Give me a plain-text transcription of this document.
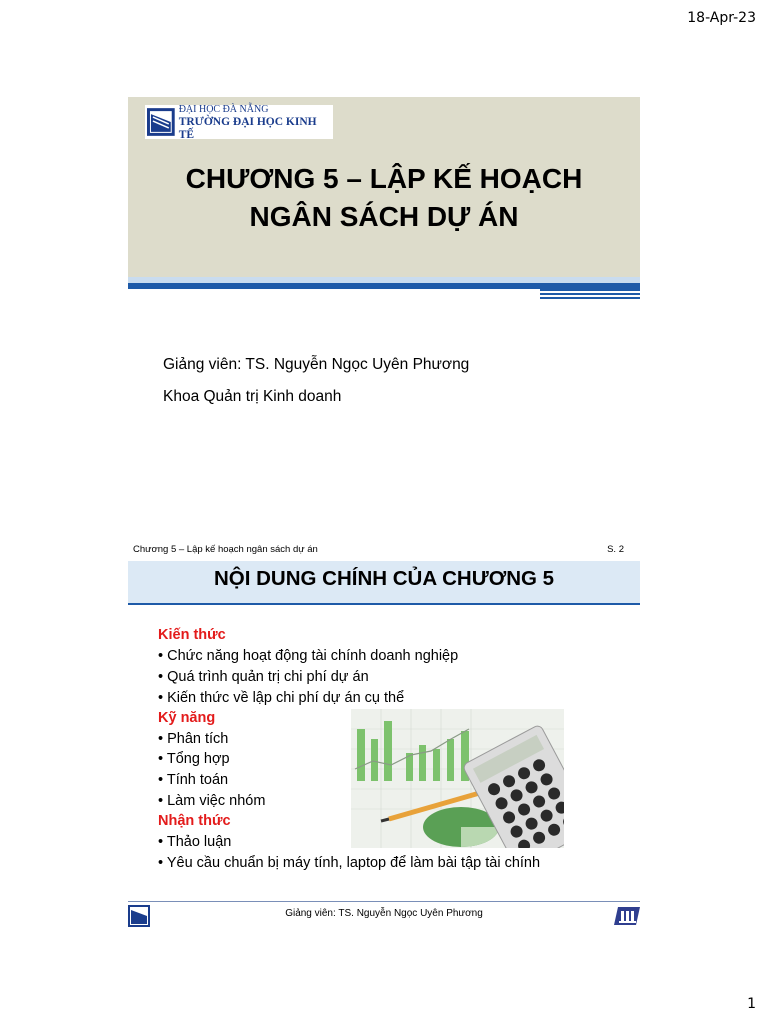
18-Apr-23
ĐẠI HỌC ĐÀ NẴNG
TRƯỜNG ĐẠI HỌC KINH TẾ
CHƯƠNG 5 – LẬP KẾ HOẠCH
NGÂN SÁCH DỰ ÁN
Giảng viên: TS. Nguyễn Ngọc Uyên Phương
Khoa Quản trị Kinh doanh
Chương 5 – Lập kế hoạch ngân sách dự án	S. 2
NỘI DUNG CHÍNH CỦA CHƯƠNG 5
Kiến thức
• Chức năng hoạt động tài chính doanh nghiệp
• Quá trình quản trị chi phí dự án
• Kiến thức về lập chi phí dự án cụ thể
Kỹ năng
• Phân tích
• Tổng hợp
• Tính toán
• Làm việc nhóm
Nhận thức
• Thảo luận
• Yêu cầu chuẩn bị máy tính, laptop để làm bài tập tài chính
Giảng viên: TS. Nguyễn Ngọc Uyên Phương
1
